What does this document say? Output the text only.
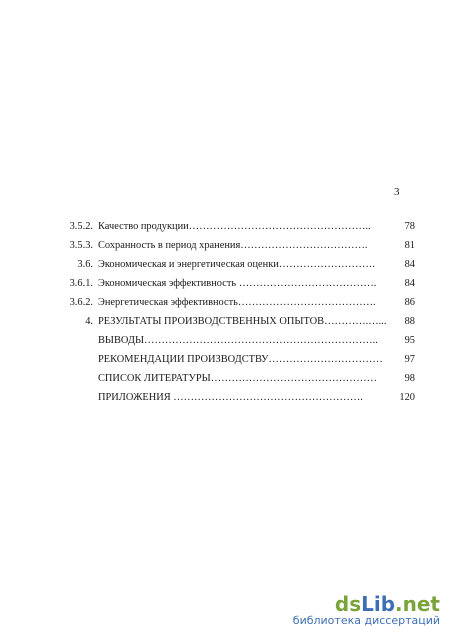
3
3.5.2. Качество продукции……………………………………………..	78
3.5.3. Сохранность в период хранения……………………………….	81
3.6. Экономическая и энергетическая оценки……………………….	84
3.6.1. Экономическая эффективность ………………………………….	84
3.6.2. Энергетическая эффективность………………………………….	86
4. РЕЗУЛЬТАТЫ ПРОИЗВОДСТВЕННЫХ ОПЫТОВ………….…...	88
ВЫВОДЫ…………………………………………………………..	95
РЕКОМЕНДАЦИИ ПРОИЗВОДСТВУ……………………………	97
СПИСОК ЛИТЕРАТУРЫ…………………………………………	98
ПРИЛОЖЕНИЯ ……………………………………………….	120
dsLib.net
библиотека диссертаций
